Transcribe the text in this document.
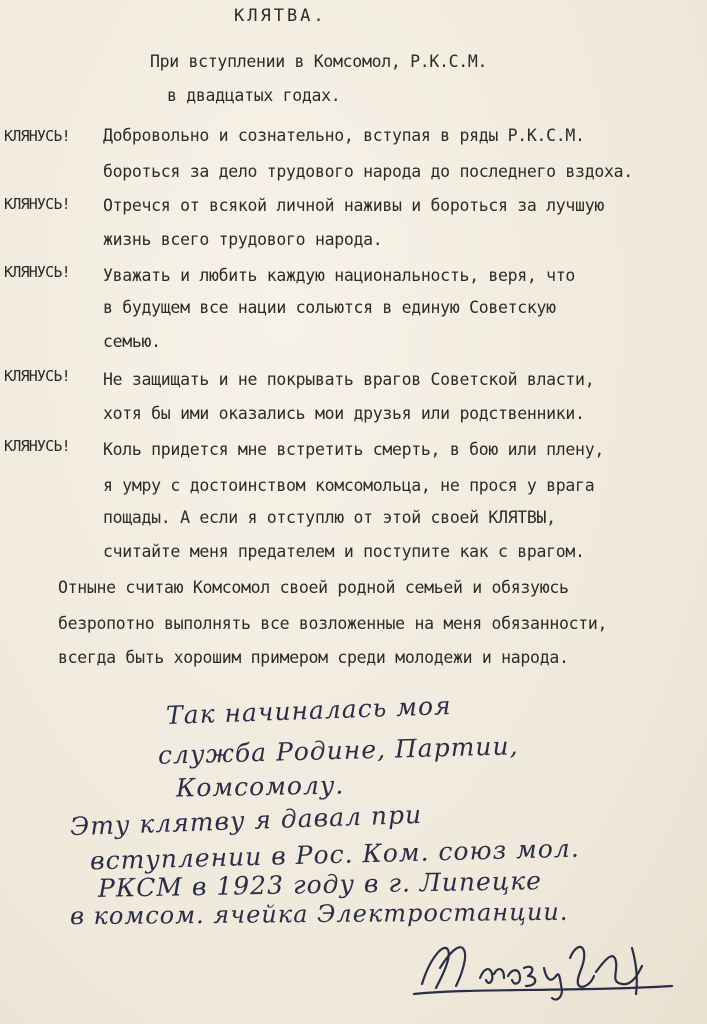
КЛЯТВА.
При вступлении в Комсомол, Р.К.С.М.
в двадцатых годах.
КЛЯНУСЬ! Добровольно и сознательно, вступая в ряды Р.К.С.М.
бороться за дело трудового народа до последнего вздоха.
КЛЯНУСЬ! Отречся от всякой личной наживы и бороться за лучшую
жизнь всего трудового народа.
КЛЯНУСЬ! Уважать и любить каждую национальность, веря, что
в будущем все нации сольются в единую Советскую
семью.
КЛЯНУСЬ! Не защищать и не покрывать врагов Советской власти,
хотя бы ими оказались мои друзья или родственники.
КЛЯНУСЬ! Коль придется мне встретить смерть, в бою или плену,
я умру с достоинством комсомольца, не прося у врага
пощады. А если я отступлю от этой своей КЛЯТВЫ,
считайте меня предателем и поступите как с врагом.
Отныне считаю Комсомол своей родной семьей и обязуюсь
безропотно выполнять все возложенные на меня обязанности,
всегда быть хорошим примером среди молодежи и народа.
Так начиналась моя
служба Родине, Партии,
Комсомолу.
Эту клятву я давал при
вступлении в Рос. Ком. союз мол.
РКСМ в 1923 году в г. Липецке
в комсом. ячейка Электростанции.
